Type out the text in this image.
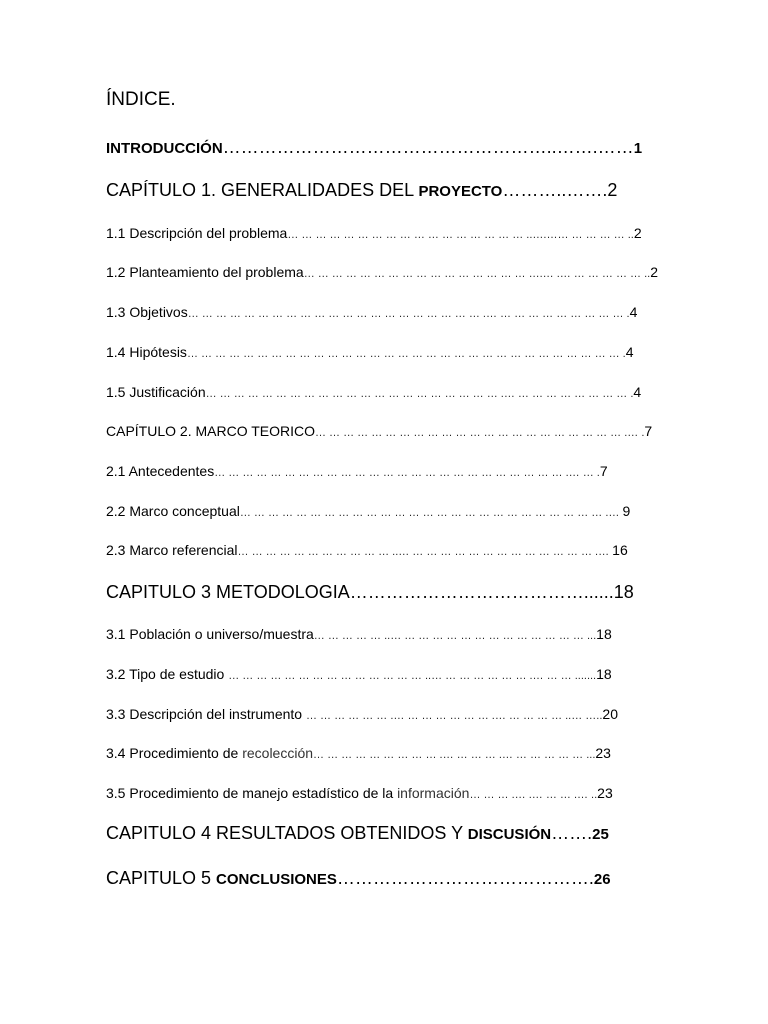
ÍNDICE.
INTRODUCCIÓN………………………………………………..…….……1
CAPÍTULO 1. GENERALIDADES DEL PROYECTO………..…….2
1.1 Descripción del problema… … … … … … … … … … … … … … … … … ..….…… … … … … ..2
1.2 Planteamiento del problema… … … … … … … … … … … … … … … … ….… .… … … … … … ..2
1.3 Objetivos… … … … … … … … … … … … … … … … … … … … … .… … … … … … … … … … .4
1.4 Hipótesis… … … … … … … … … … … … … … … … … … … … … … … … … … … … … … … .4
1.5 Justificación… … … … … … … … … … … … … … … … … … … … … .… … … … … … … … … .4
CAPÍTULO 2. MARCO TEORICO… … … … … … … … … … … … … … … … … … … … … … .… .7
2.1 Antecedentes… … … … … … … … … … … … … … … … … … … … … … … … … .… … .7
2.2 Marco conceptual… … … … … … … … … … … … … … … … … … … … … … … … … … .… 9
2.3 Marco referencial… … … … … … … … … … … ..… … … … … … … … … … … … … … .… 16
CAPITULO 3 METODOLOGIA…………………………………......18
3.1 Población o universo/muestra… … … … … ..… … … … … … … … … … … … … … ...18
3.2 Tipo de estudio … … … … … … … … … … … … … … ..… … … … … … … .… … … .......18
3.3 Descripción del instrumento … … … … … … .… … … … … … … .… … … … … ..… …..20
3.4 Procedimiento de recolección… … … … … … … … … .… … … … .… … … … … … ...23
3.5 Procedimiento de manejo estadístico de la información… … … .… .… … … .… ..23
CAPITULO 4 RESULTADOS OBTENIDOS Y DISCUSIÓN…….25
CAPITULO 5 CONCLUSIONES…………………………………….26
